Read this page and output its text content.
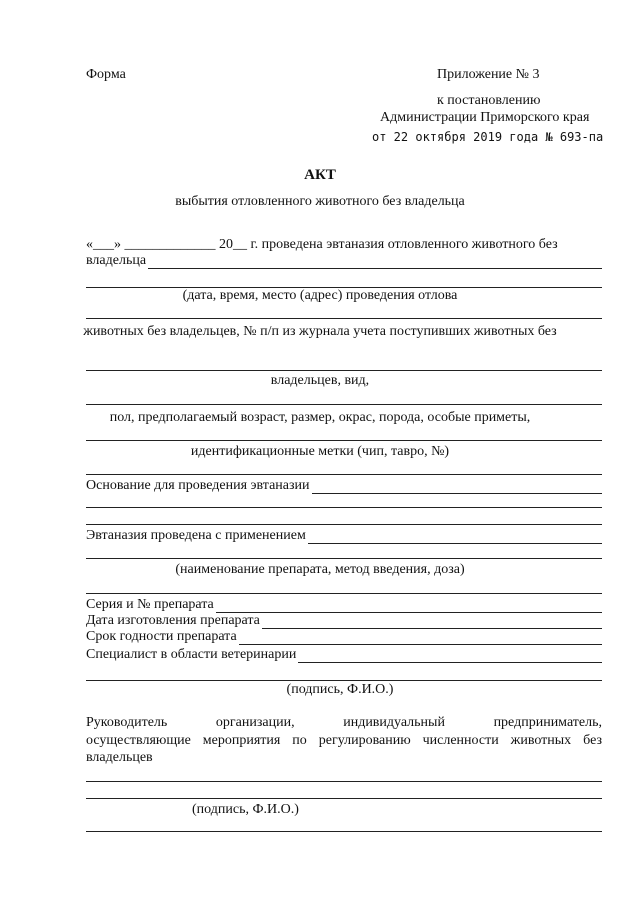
Форма	Приложение № 3
к постановлению
Администрации Приморского края
от 22 октября 2019 года № 693-па
АКТ
выбытия отловленного животного без владельца
«___» _____________ 20__ г. проведена эвтаназия отловленного животного без
владельца
(дата, время, место (адрес) проведения отлова
животных без владельцев, № п/п из журнала учета поступивших животных без
владельцев, вид,
пол, предполагаемый возраст, размер, окрас, порода, особые приметы,
идентификационные метки (чип, тавро, №)
Основание для проведения эвтаназии
Эвтаназия проведена с применением
(наименование препарата, метод введения, доза)
Серия и № препарата
Дата изготовления препарата
Срок годности препарата
Специалист в области ветеринарии
(подпись, Ф.И.О.)
Руководитель организации, индивидуальный предприниматель,
осуществляющие мероприятия по регулированию численности животных без
владельцев
(подпись, Ф.И.О.)
